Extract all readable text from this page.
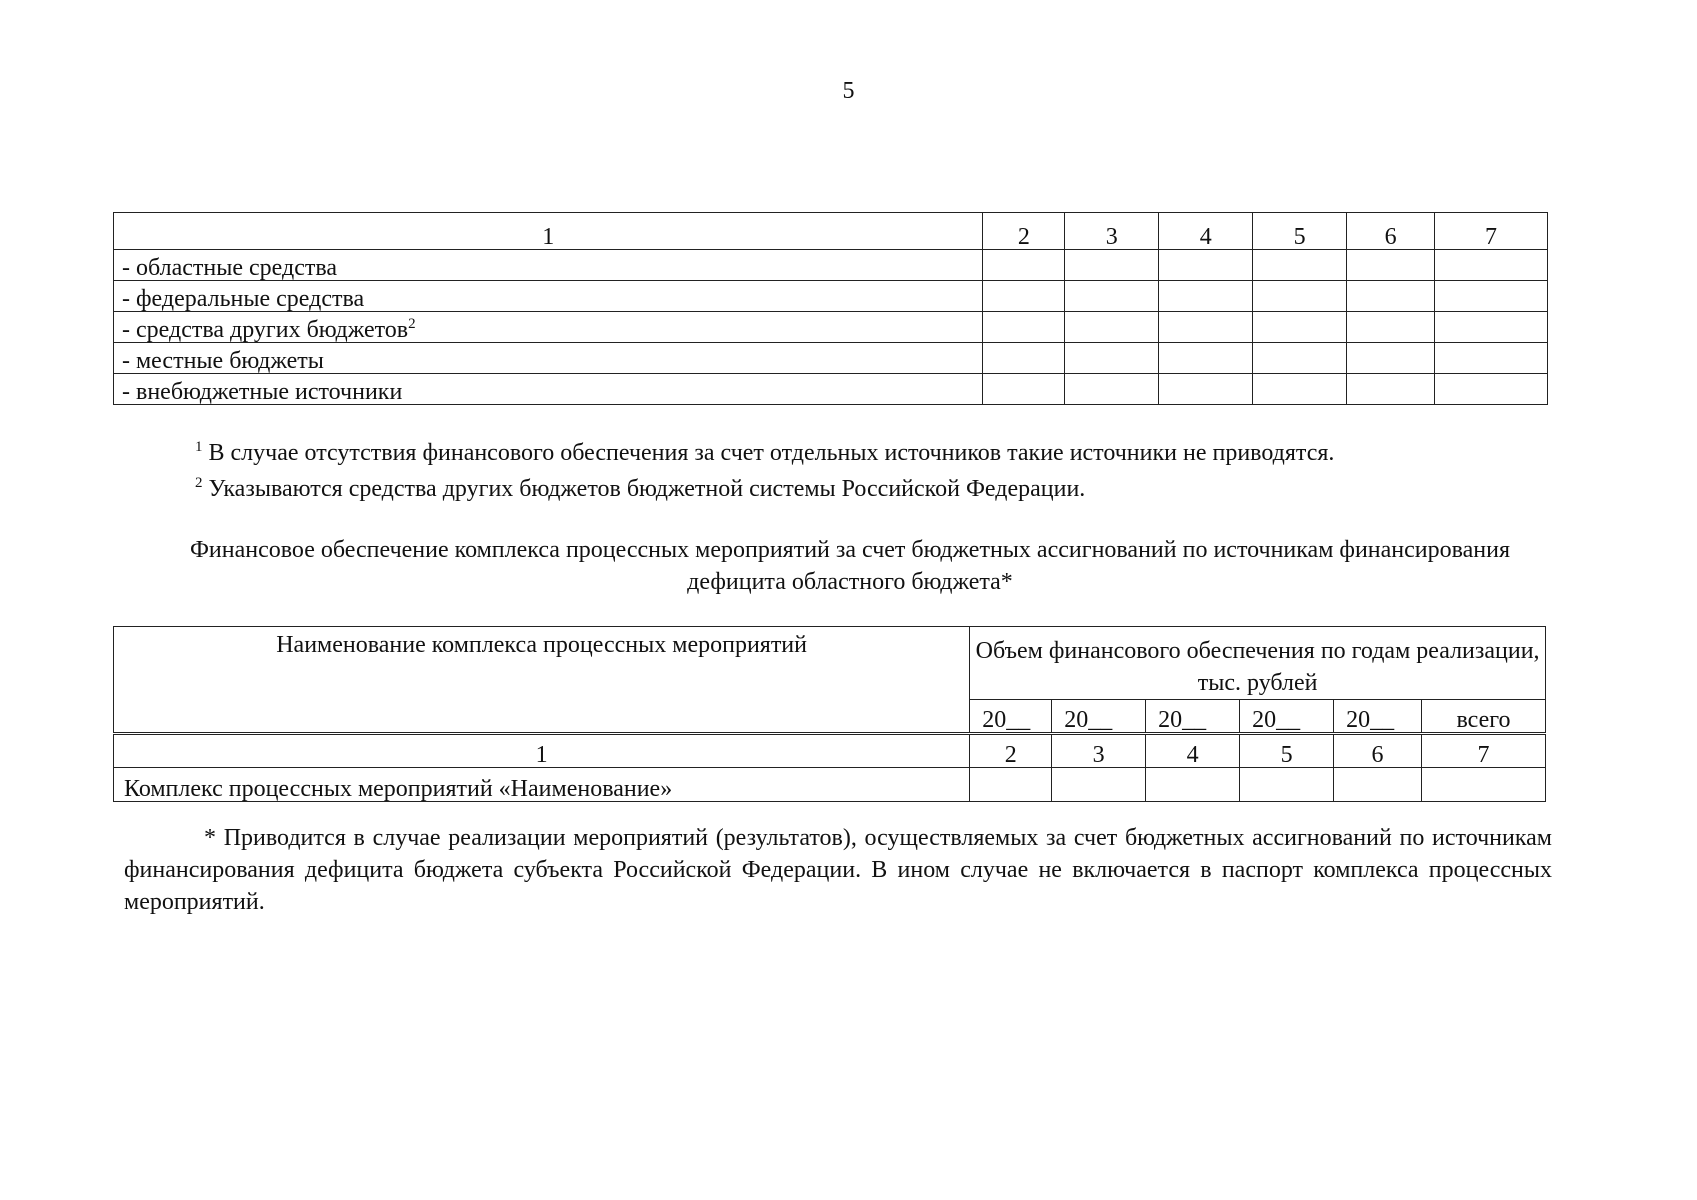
5
1	2	3	4	5	6	7
- областные средства						
- федеральные средства						
- средства других бюджетов$^2$						
- местные бюджеты						
- внебюджетные источники						
$^1$ В случае отсутствия финансового обеспечения за счет отдельных источников такие источники не приводятся.
$^2$ Указываются средства других бюджетов бюджетной системы Российской Федерации.
Финансовое обеспечение комплекса процессных мероприятий за счет бюджетных ассигнований по источникам финансирования дефицита областного бюджета*
Наименование комплекса процессных мероприятий	Объем финансового обеспечения по годам реализации, тыс. рублей					
	20__	20__	20__	20__	20__	всего
1	2	3	4	5	6	7
Комплекс процессных мероприятий «Наименование»						
* Приводится в случае реализации мероприятий (результатов), осуществляемых за счет бюджетных ассигнований по источникам финансирования дефицита бюджета субъекта Российской Федерации. В ином случае не включается в паспорт комплекса процессных мероприятий.
